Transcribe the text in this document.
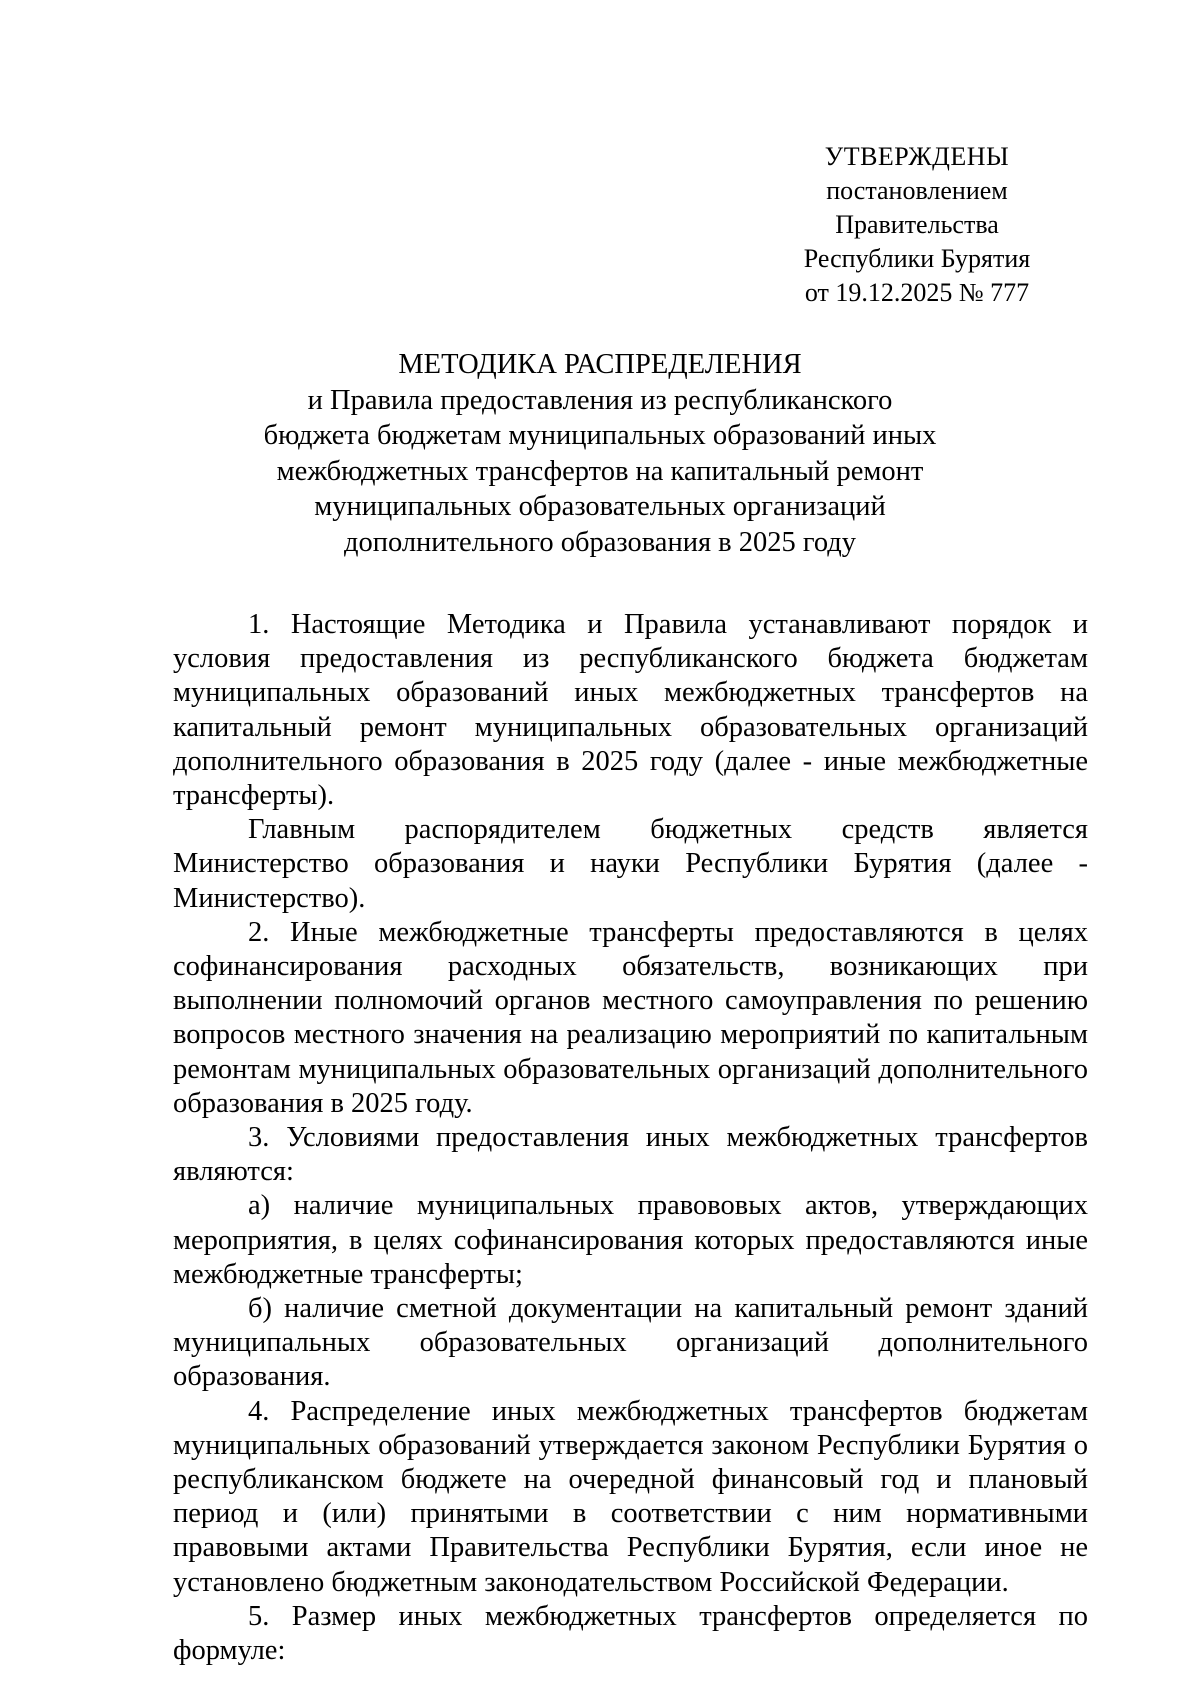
УТВЕРЖДЕНЫ
постановлением Правительства
Республики Бурятия
от 19.12.2025 № 777
МЕТОДИКА РАСПРЕДЕЛЕНИЯ
и Правила предоставления из республиканского
бюджета бюджетам муниципальных образований иных
межбюджетных трансфертов на капитальный ремонт
муниципальных образовательных организаций
дополнительного образования в 2025 году

1. Настоящие Методика и Правила устанавливают порядок и условия предоставления из республиканского бюджета бюджетам муниципальных образований иных межбюджетных трансфертов на капитальный ремонт муниципальных образовательных организаций дополнительного образования в 2025 году (далее - иные межбюджетные трансферты).

Главным распорядителем бюджетных средств является Министерство образования и науки Республики Бурятия (далее - Министерство).

2. Иные межбюджетные трансферты предоставляются в целях софинансирования расходных обязательств, возникающих при выполнении полномочий органов местного самоуправления по решению вопросов местного значения на реализацию мероприятий по капитальным ремонтам муниципальных образовательных организаций дополнительного образования в 2025 году.

3. Условиями предоставления иных межбюджетных трансфертов являются:

а) наличие муниципальных правововых актов, утверждающих мероприятия, в целях софинансирования которых предоставляются иные межбюджетные трансферты;

б) наличие сметной документации на капитальный ремонт зданий муниципальных образовательных организаций дополнительного образования.

4. Распределение иных межбюджетных трансфертов бюджетам муниципальных образований утверждается законом Республики Бурятия о республиканском бюджете на очередной финансовый год и плановый период и (или) принятыми в соответствии с ним нормативными правовыми актами Правительства Республики Бурятия, если иное не установлено бюджетным законодательством Российской Федерации.

5. Размер иных межбюджетных трансфертов определяется по формуле:
